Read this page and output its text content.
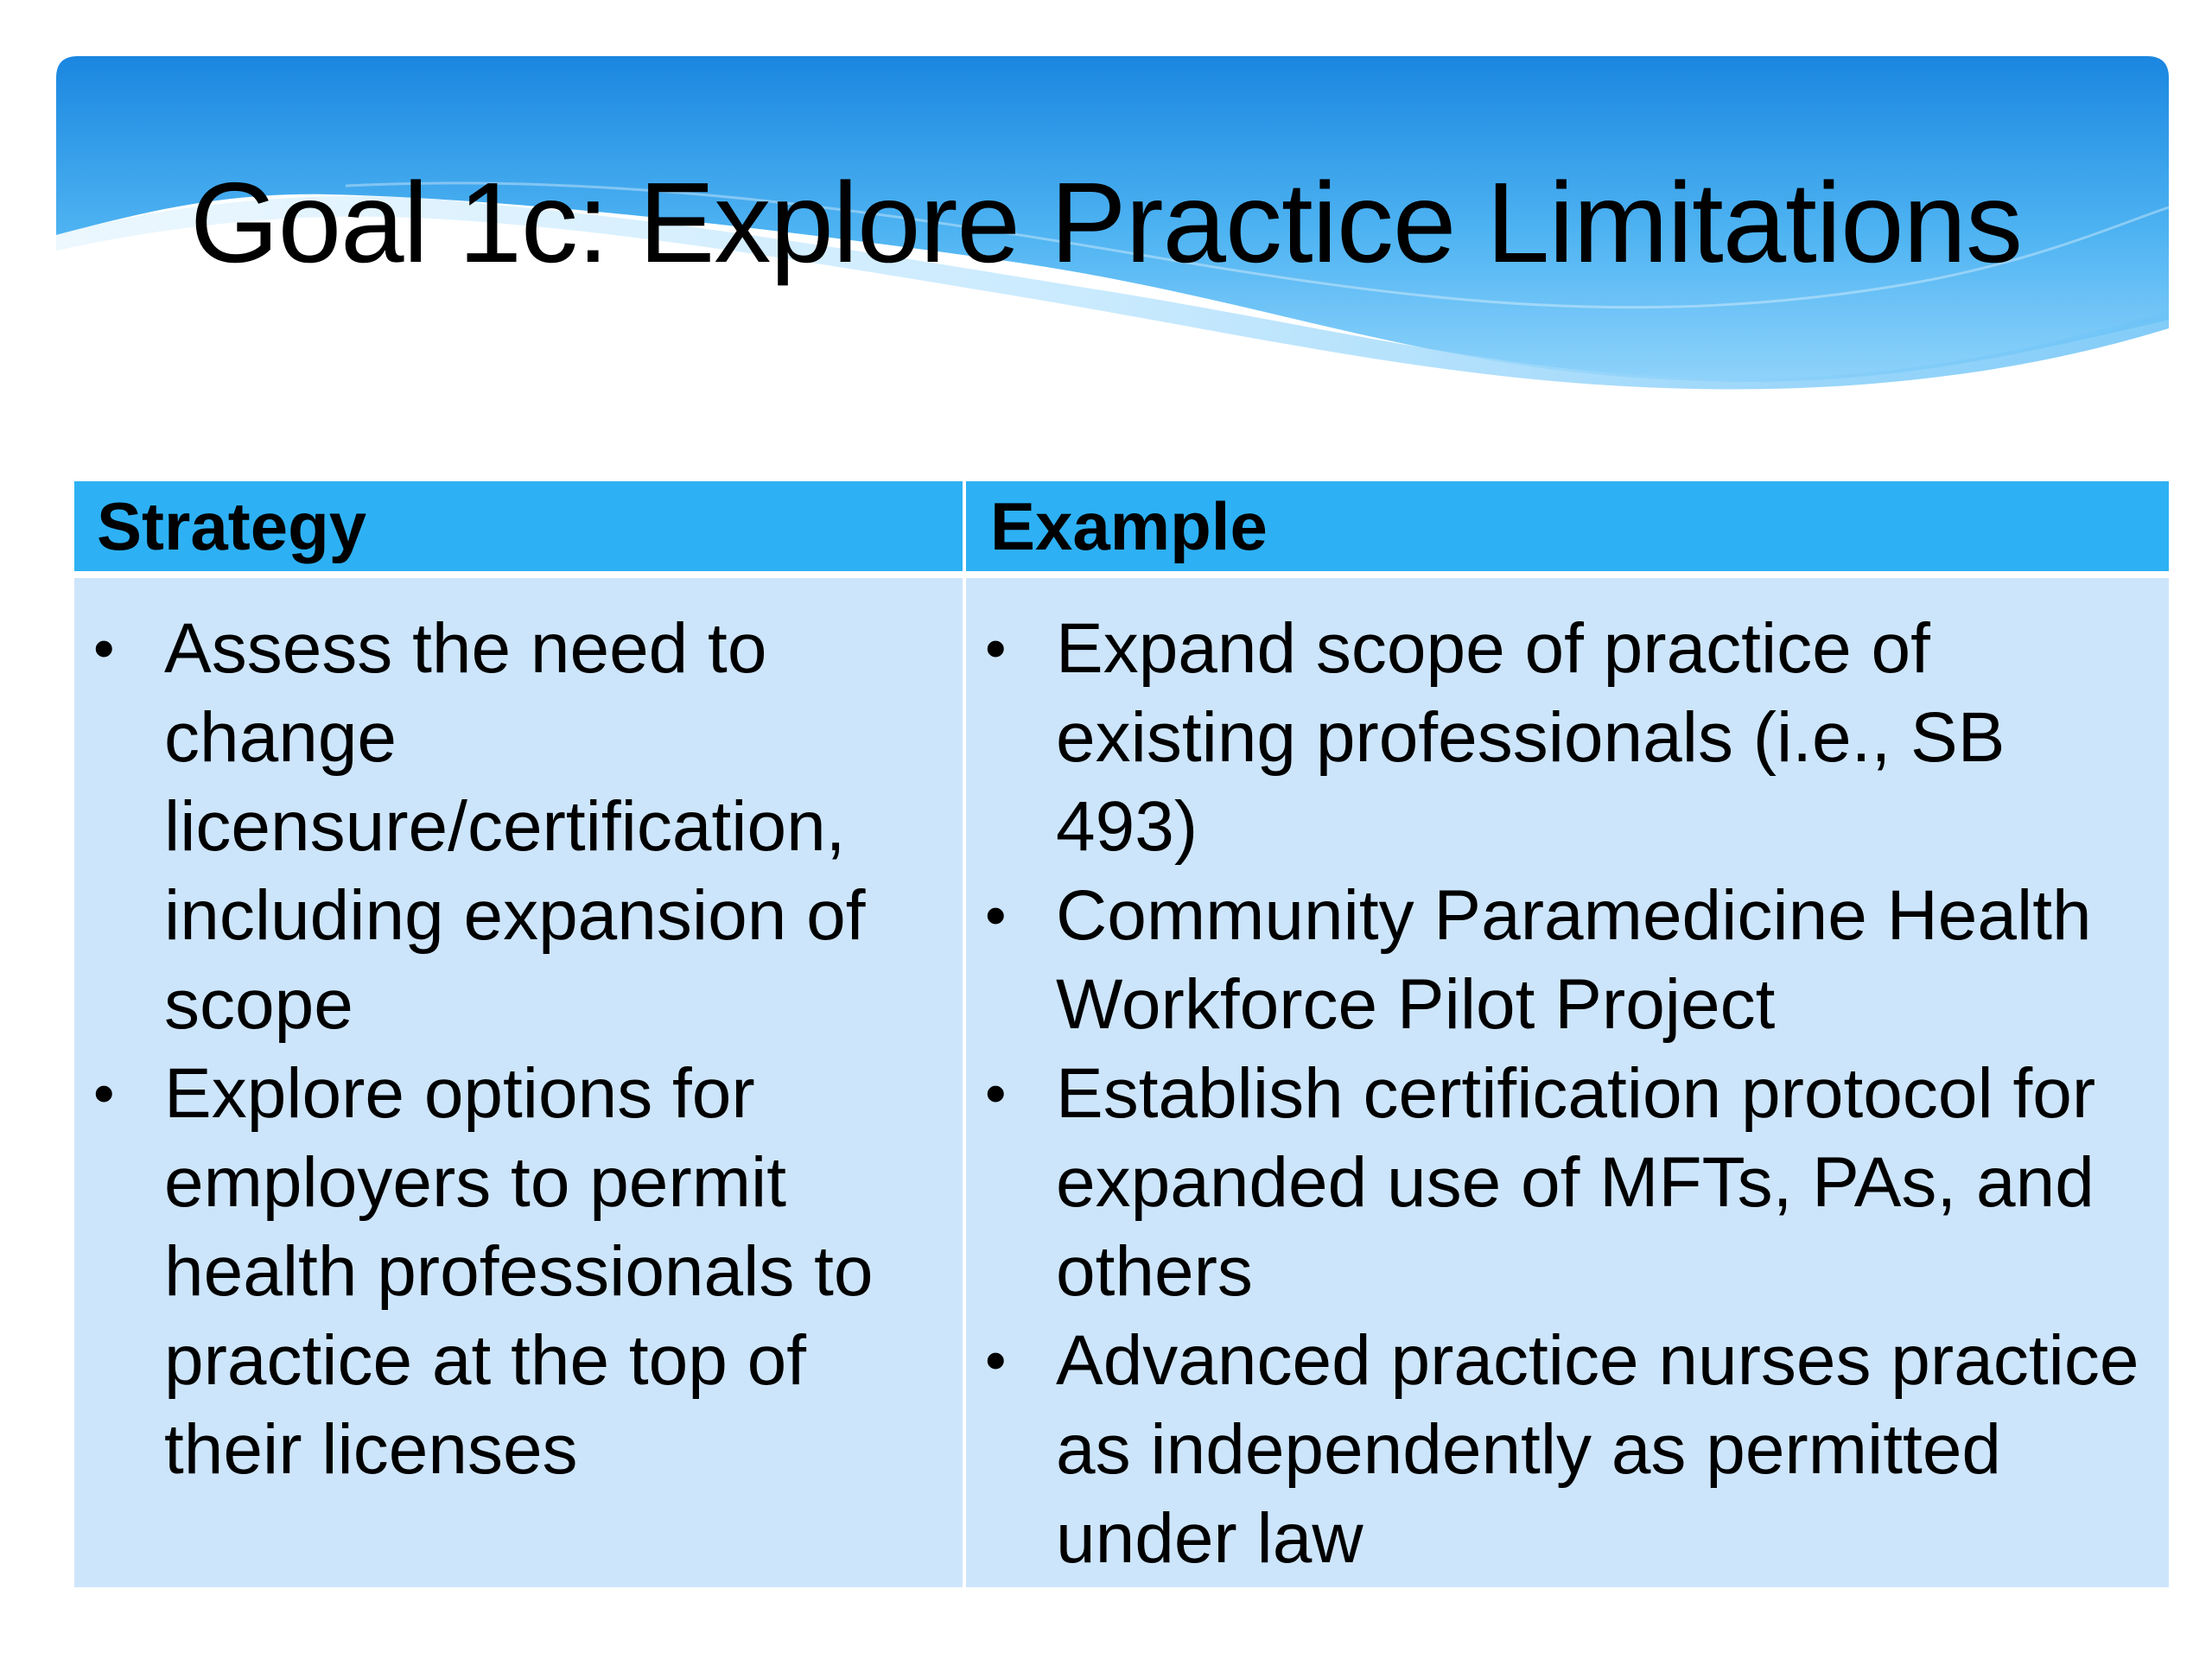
Goal 1c: Explore Practice Limitations
Strategy	Example
• Assess the need to change licensure/certification, including expansion of scope
• Explore options for employers to permit health professionals to practice at the top of their licenses
• Expand scope of practice of existing professionals (i.e., SB 493)
• Community Paramedicine Health Workforce Pilot Project
• Establish certification protocol for expanded use of MFTs, PAs, and others
• Advanced practice nurses practice as independently as permitted under law
